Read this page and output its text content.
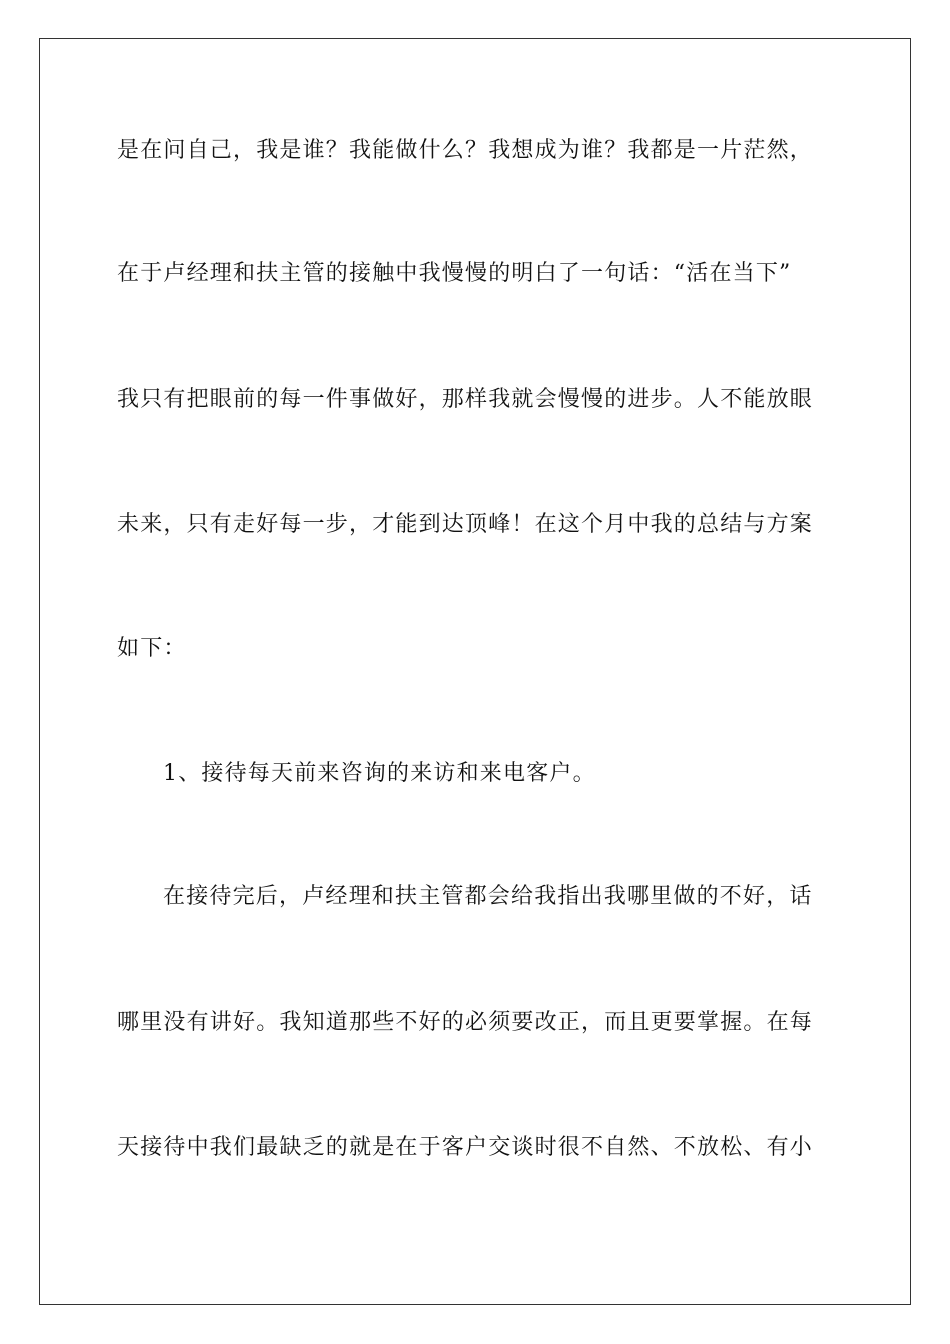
是在问自己，我是谁？我能做什么？我想成为谁？我都是一片茫然，

在于卢经理和扶主管的接触中我慢慢的明白了一句话：“活在当下”

我只有把眼前的每一件事做好，那样我就会慢慢的进步。人不能放眼

未来，只有走好每一步，才能到达顶峰！在这个月中我的总结与方案

如下：

1、接待每天前来咨询的来访和来电客户。

在接待完后，卢经理和扶主管都会给我指出我哪里做的不好，话

哪里没有讲好。我知道那些不好的必须要改正，而且更要掌握。在每

天接待中我们最缺乏的就是在于客户交谈时很不自然、不放松、有小
